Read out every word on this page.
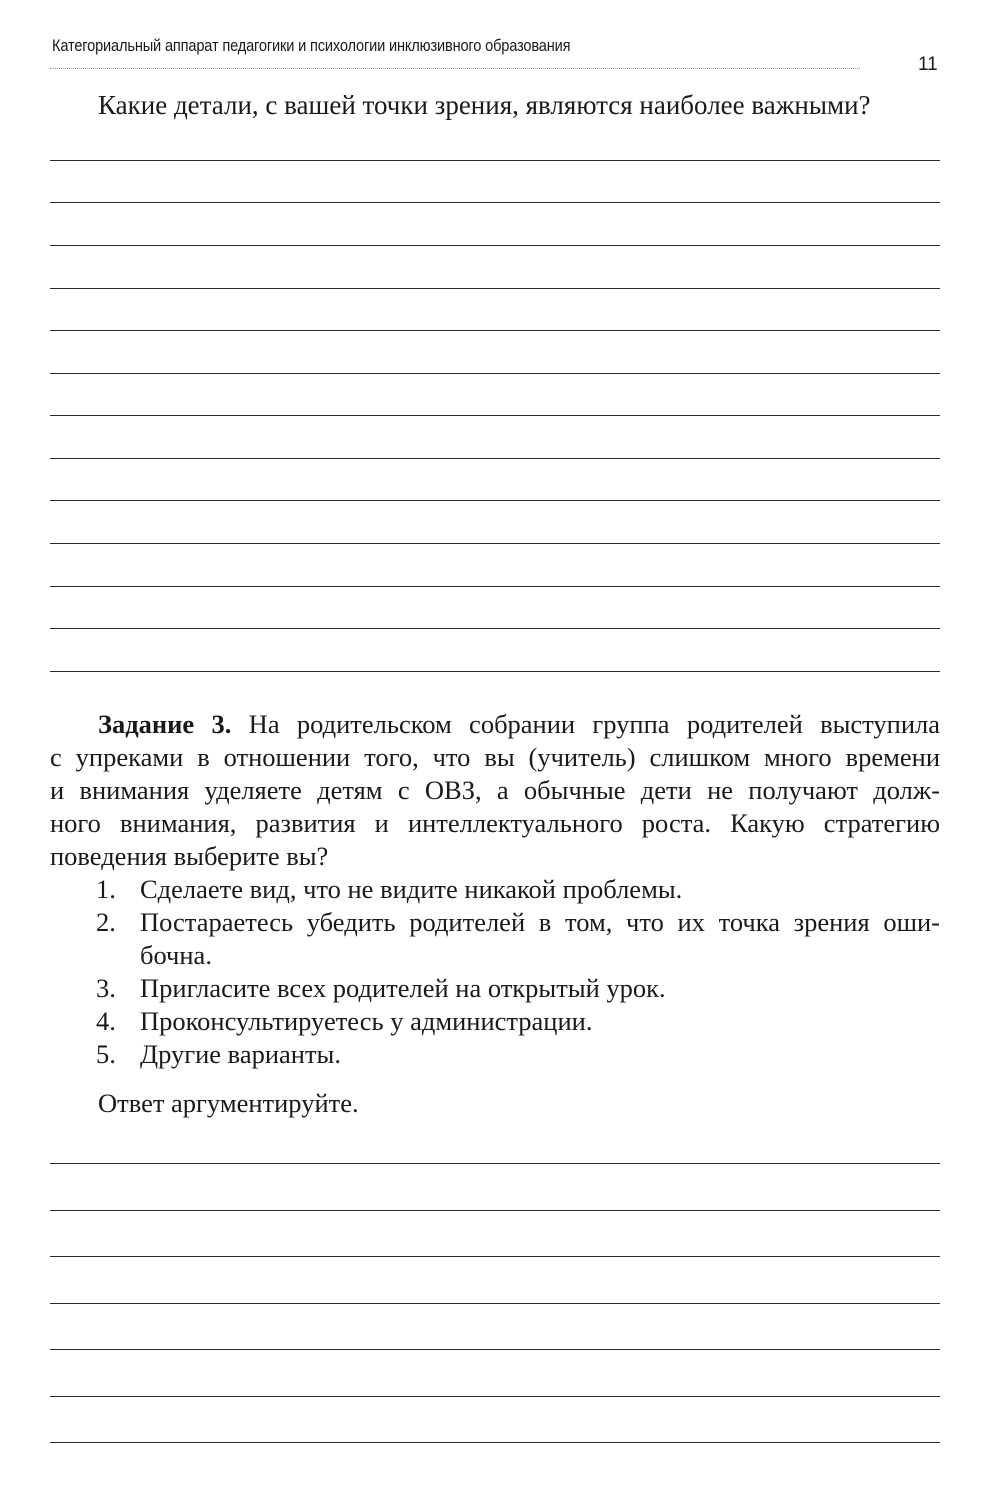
Категориальный аппарат педагогики и психологии инклюзивного образования
11
Какие детали, с вашей точки зрения, являются наиболее важными?
Задание 3. На родительском собрании группа родителей выступила
с упреками в отношении того, что вы (учитель) слишком много времени
и внимания уделяете детям с ОВЗ, а обычные дети не получают долж-
ного внимания, развития и интеллектуального роста. Какую стратегию
поведения выберите вы?
1. Сделаете вид, что не видите никакой проблемы.
2. Постараетесь убедить родителей в том, что их точка зрения оши-
бочна.
3. Пригласите всех родителей на открытый урок.
4. Проконсультируетесь у администрации.
5. Другие варианты.
Ответ аргументируйте.
